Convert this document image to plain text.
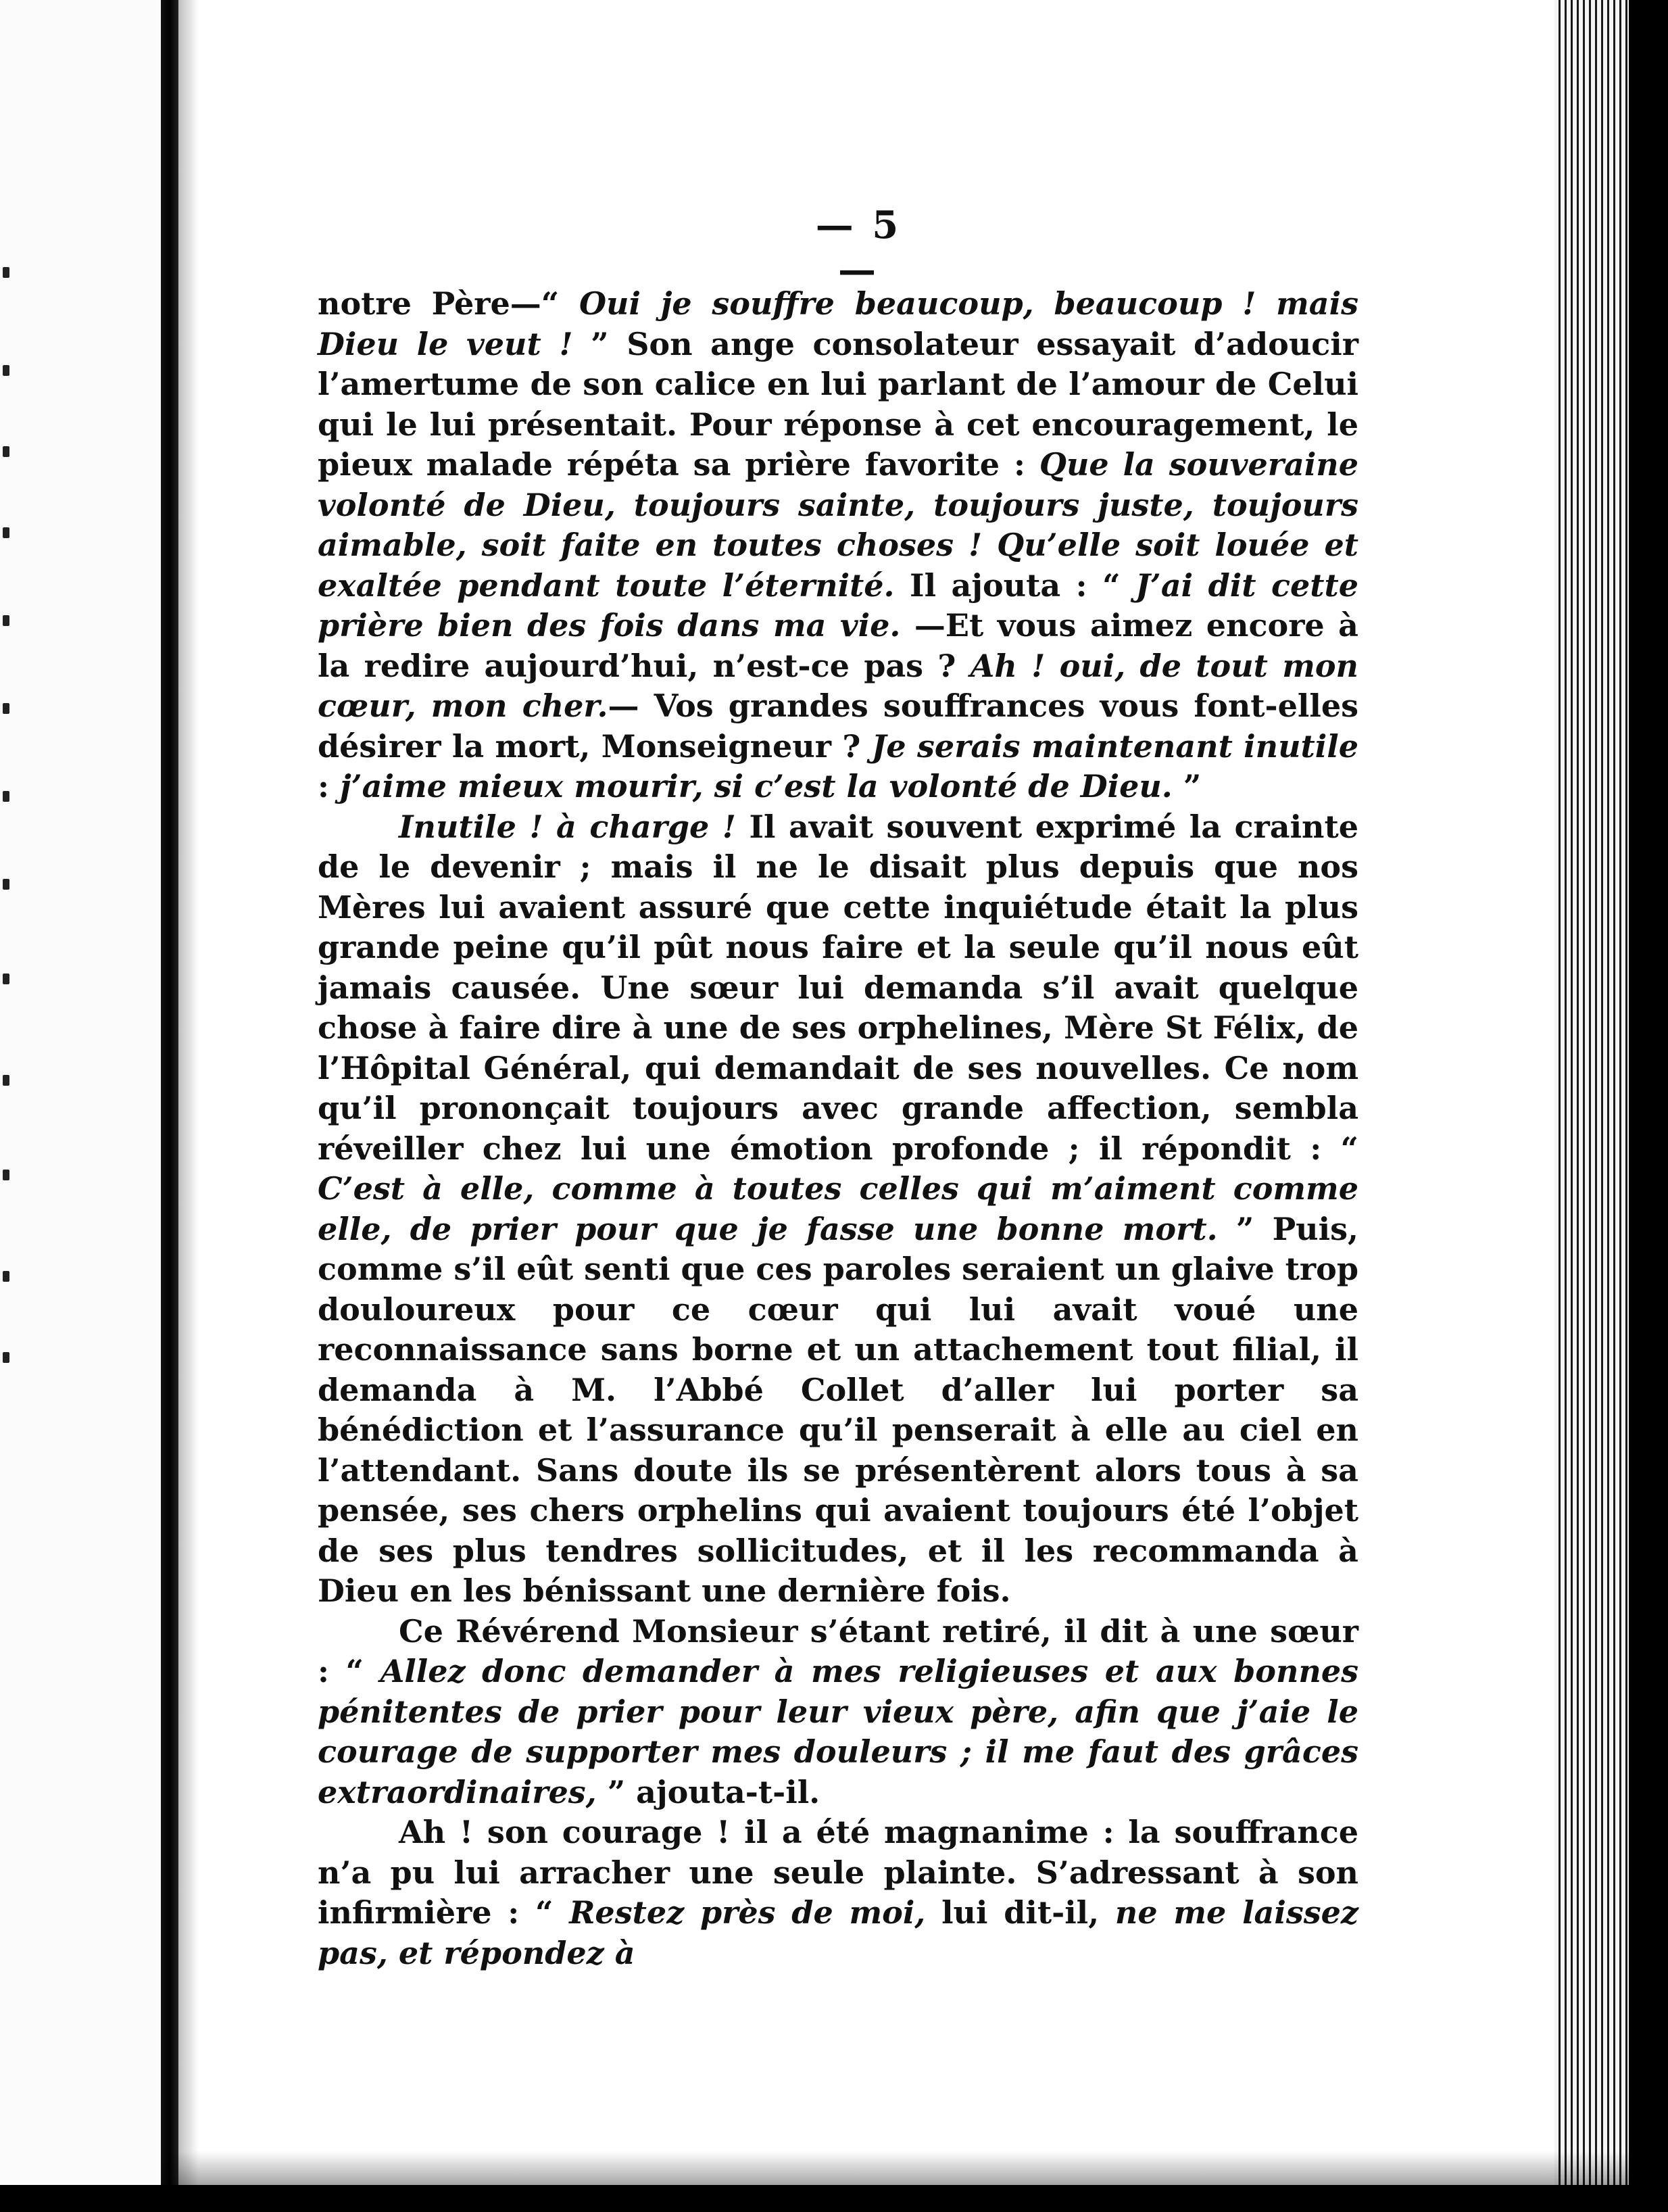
— 5 —

notre Père—“ Oui je souffre beaucoup, beaucoup ! mais Dieu le veut ! ” Son ange consolateur essayait d’adoucir l’amertume de son calice en lui parlant de l’amour de Celui qui le lui présentait. Pour réponse à cet encouragement, le pieux malade répéta sa prière favorite : Que la souveraine volonté de Dieu, toujours sainte, toujours juste, toujours aimable, soit faite en toutes choses ! Qu’elle soit louée et exaltée pendant toute l’éternité. Il ajouta : “ J’ai dit cette prière bien des fois dans ma vie. —Et vous aimez encore à la redire aujourd’hui, n’est-ce pas ? Ah ! oui, de tout mon cœur, mon cher.— Vos grandes souffrances vous font-elles désirer la mort, Monseigneur ? Je serais maintenant inutile : j’aime mieux mourir, si c’est la volonté de Dieu. ”

Inutile ! à charge ! Il avait souvent exprimé la crainte de le devenir ; mais il ne le disait plus depuis que nos Mères lui avaient assuré que cette inquiétude était la plus grande peine qu’il pût nous faire et la seule qu’il nous eût jamais causée. Une sœur lui demanda s’il avait quelque chose à faire dire à une de ses orphelines, Mère St Félix, de l’Hôpital Général, qui demandait de ses nouvelles. Ce nom qu’il prononçait toujours avec grande affection, sembla réveiller chez lui une émotion profonde ; il répondit : “ C’est à elle, comme à toutes celles qui m’aiment comme elle, de prier pour que je fasse une bonne mort. ” Puis, comme s’il eût senti que ces paroles seraient un glaive trop douloureux pour ce cœur qui lui avait voué une reconnaissance sans borne et un attachement tout filial, il demanda à M. l’Abbé Collet d’aller lui porter sa bénédiction et l’assurance qu’il penserait à elle au ciel en l’attendant. Sans doute ils se présentèrent alors tous à sa pensée, ses chers orphelins qui avaient toujours été l’objet de ses plus tendres sollicitudes, et il les recommanda à Dieu en les bénissant une dernière fois.

Ce Révérend Monsieur s’étant retiré, il dit à une sœur : “ Allez donc demander à mes religieuses et aux bonnes pénitentes de prier pour leur vieux père, afin que j’aie le courage de supporter mes douleurs ; il me faut des grâces extraordinaires, ” ajouta-t-il.

Ah ! son courage ! il a été magnanime : la souffrance n’a pu lui arracher une seule plainte. S’adressant à son infirmière : “ Restez près de moi, lui dit-il, ne me laissez pas, et répondez à
